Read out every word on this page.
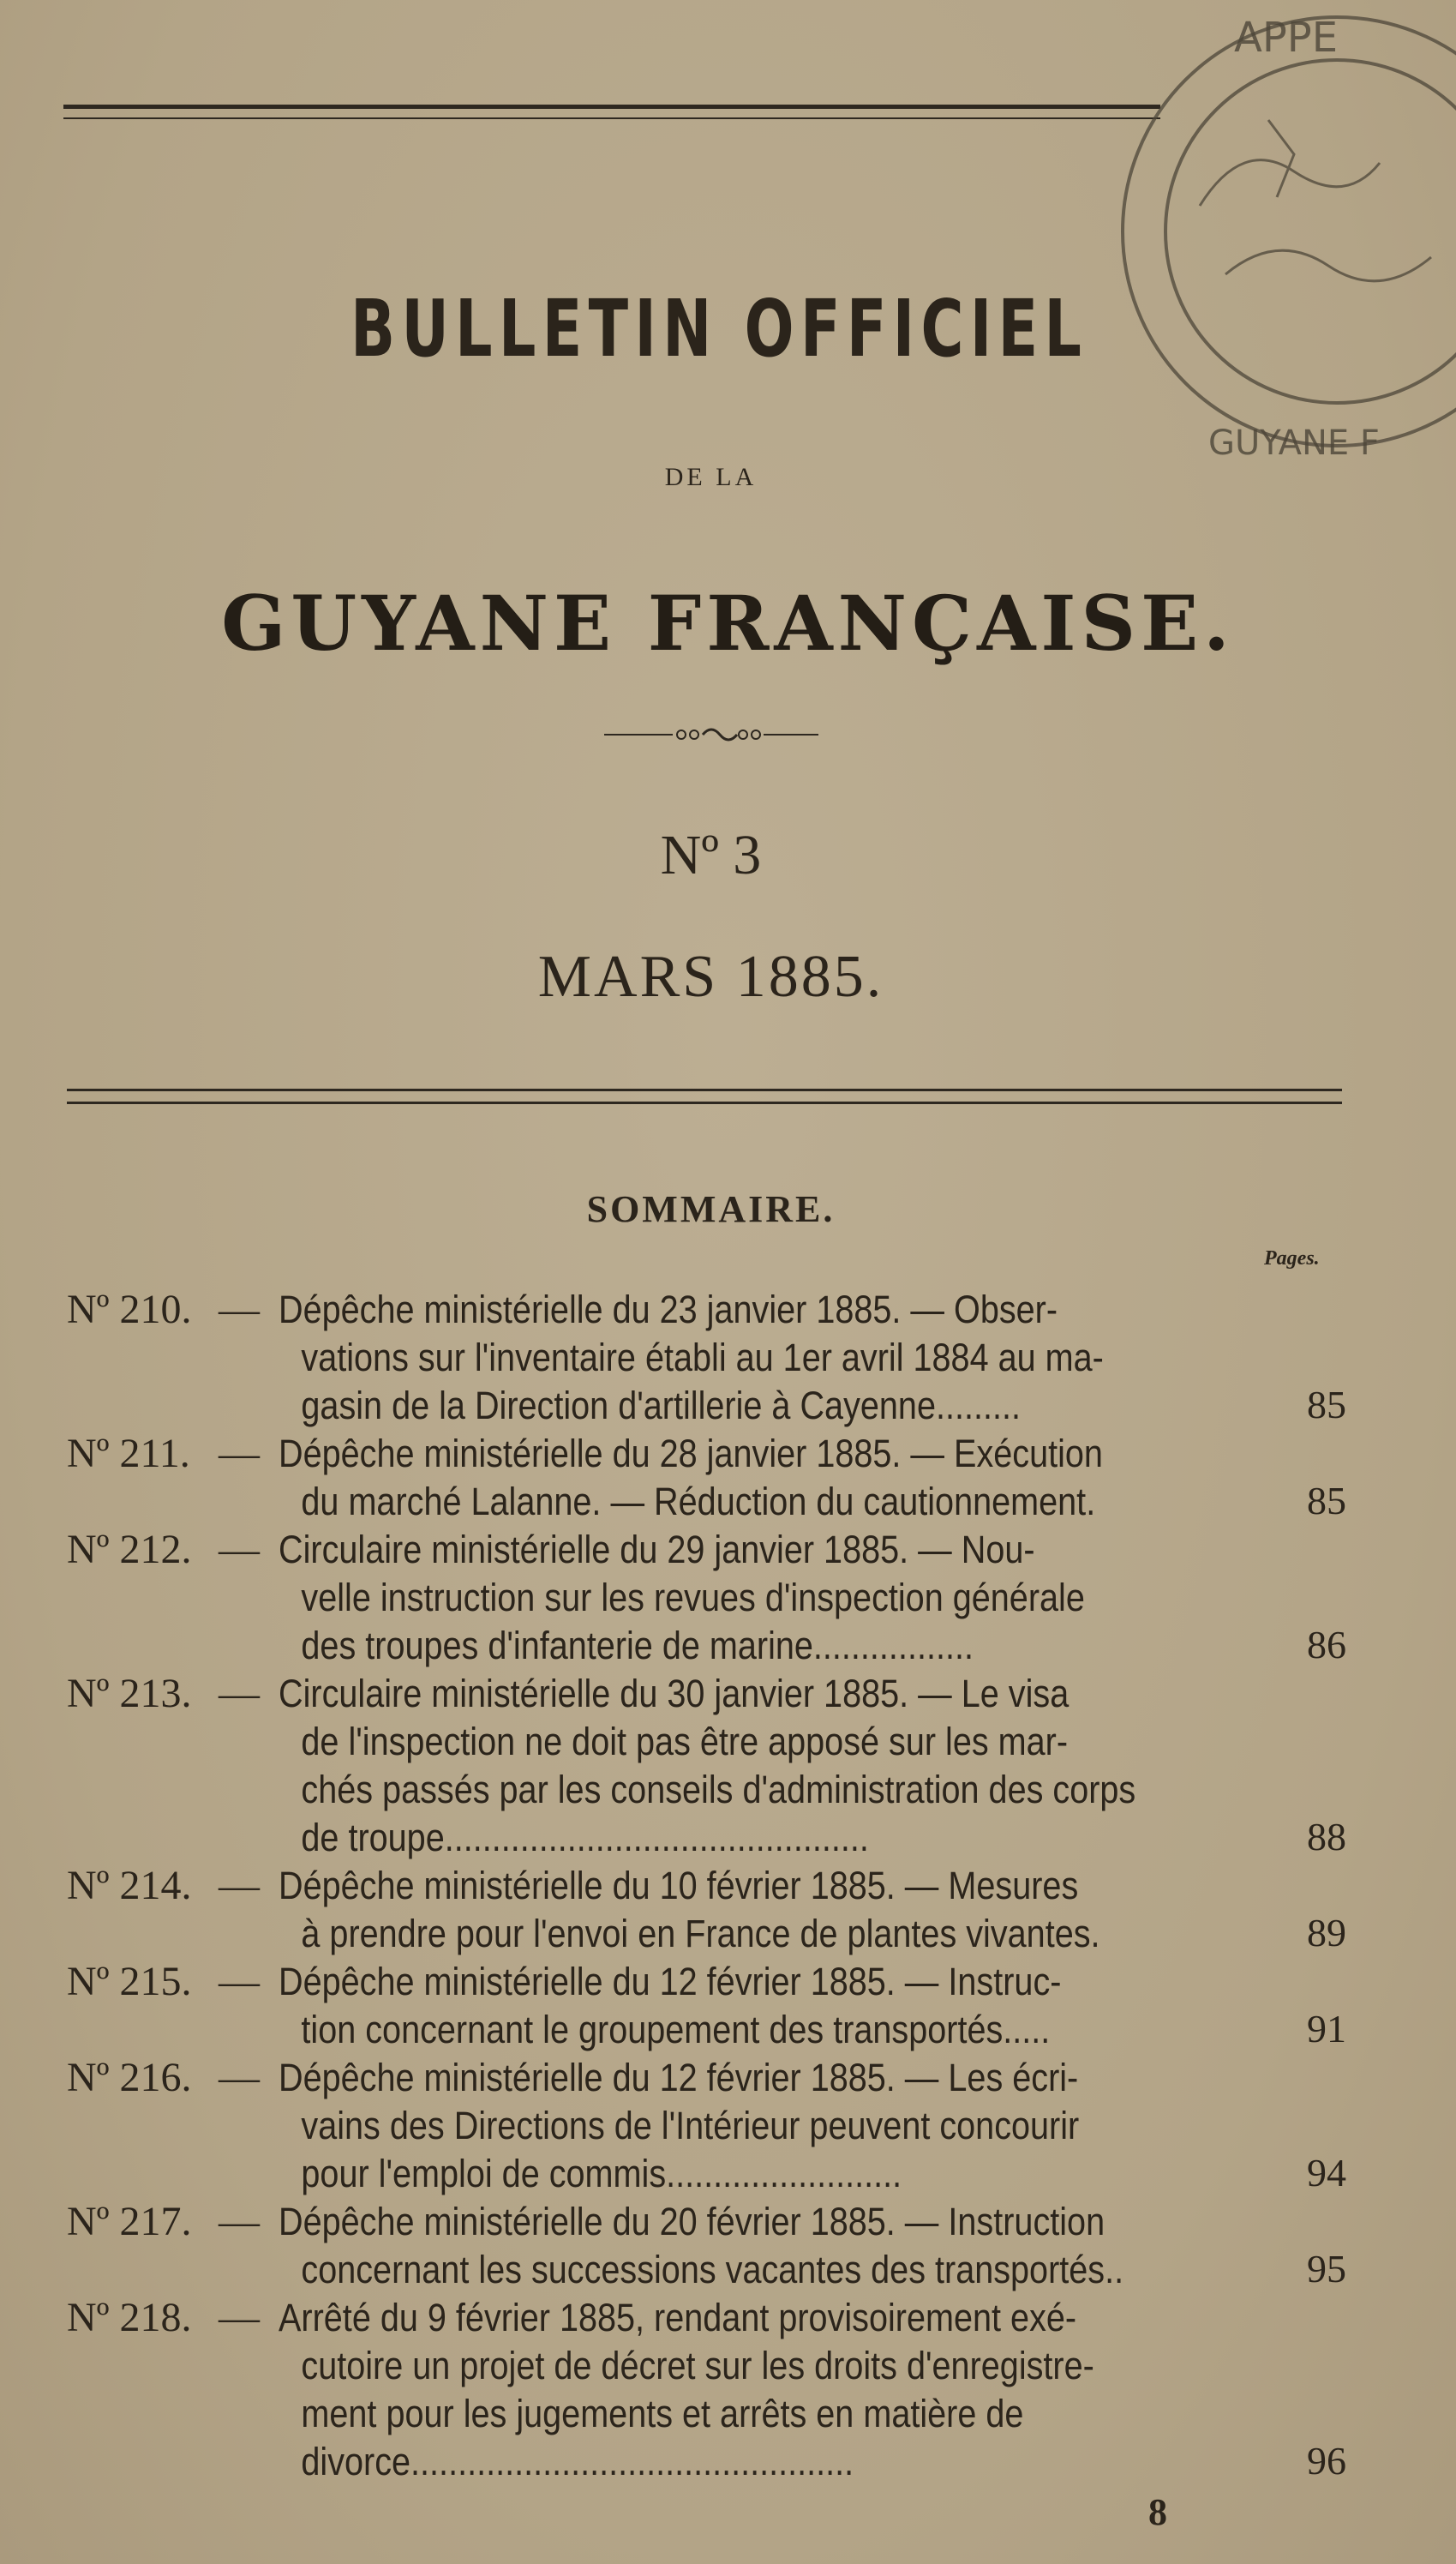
APPE
GUYANE F
BULLETIN OFFICIEL
DE LA
GUYANE FRANÇAISE.
Nº 3
MARS 1885.
SOMMAIRE.
Pages.
Nº 210. — Dépêche ministérielle du 23 janvier 1885. — Obser-
vations sur l'inventaire établi au 1er avril 1884 au ma-
gasin de la Direction d'artillerie à Cayenne.........	85
Nº 211. — Dépêche ministérielle du 28 janvier 1885. — Exécution
du marché Lalanne. — Réduction du cautionnement.	85
Nº 212. — Circulaire ministérielle du 29 janvier 1885. — Nou-
velle instruction sur les revues d'inspection générale
des troupes d'infanterie de marine.................	86
Nº 213. — Circulaire ministérielle du 30 janvier 1885. — Le visa
de l'inspection ne doit pas être apposé sur les mar-
chés passés par les conseils d'administration des corps
de troupe.............................................	88
Nº 214. — Dépêche ministérielle du 10 février 1885. — Mesures
à prendre pour l'envoi en France de plantes vivantes.	89
Nº 215. — Dépêche ministérielle du 12 février 1885. — Instruc-
tion concernant le groupement des transportés.....	91
Nº 216. — Dépêche ministérielle du 12 février 1885. — Les écri-
vains des Directions de l'Intérieur peuvent concourir
pour l'emploi de commis.........................	94
Nº 217. — Dépêche ministérielle du 20 février 1885. — Instruction
concernant les successions vacantes des transportés..	95
Nº 218. — Arrêté du 9 février 1885, rendant provisoirement exé-
cutoire un projet de décret sur les droits d'enregistre-
ment pour les jugements et arrêts en matière de
divorce...............................................	96
8
